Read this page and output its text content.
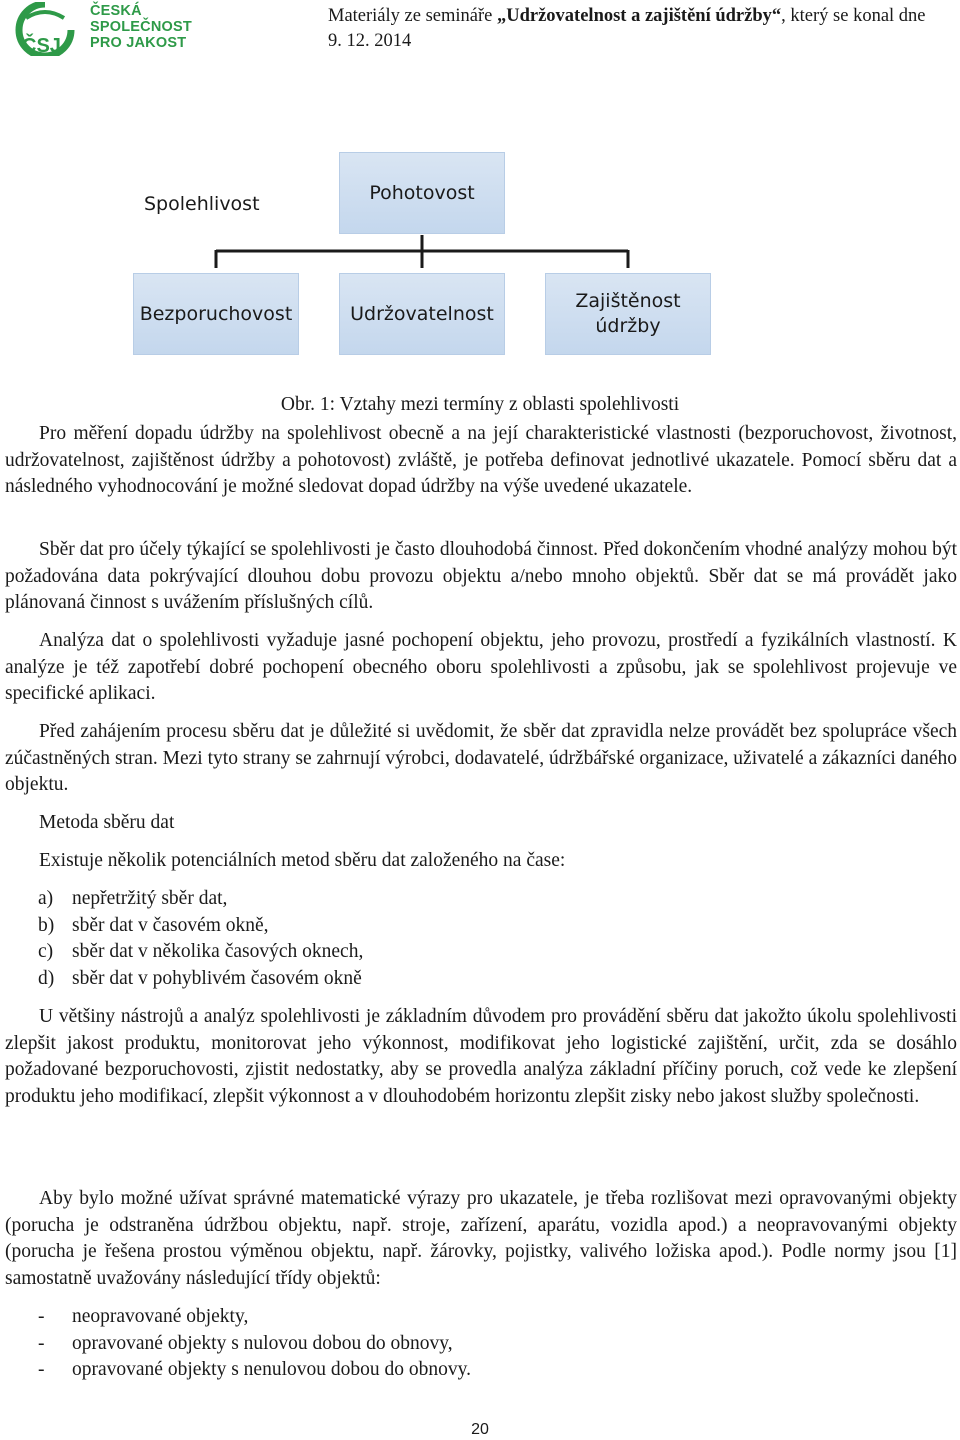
ČSJ
ČESKÁ
SPOLEČNOST
PRO JAKOST
Materiály ze semináře „Udržovatelnost a zajištění údržby“, který se konal dne 9. 12. 2014
Spolehlivost
Pohotovost
Bezporuchovost	Udržovatelnost
Zajištěnost údržby
Obr. 1: Vztahy mezi termíny z oblasti spolehlivosti
Pro měření dopadu údržby na spolehlivost obecně a na její charakteristické vlastnosti (bezporuchovost, životnost, udržovatelnost, zajištěnost údržby a pohotovost) zvláště, je potřeba definovat jednotlivé ukazatele. Pomocí sběru dat a následného vyhodnocování je možné sledovat dopad údržby na výše uvedené ukazatele.
Sběr dat pro účely týkající se spolehlivosti je často dlouhodobá činnost. Před dokončením vhodné analýzy mohou být požadována data pokrývající dlouhou dobu provozu objektu a/nebo mnoho objektů. Sběr dat se má provádět jako plánovaná činnost s uvážením příslušných cílů.
Analýza dat o spolehlivosti vyžaduje jasné pochopení objektu, jeho provozu, prostředí a fyzikálních vlastností. K analýze je též zapotřebí dobré pochopení obecného oboru spolehlivosti a způsobu, jak se spolehlivost projevuje ve specifické aplikaci.
Před zahájením procesu sběru dat je důležité si uvědomit, že sběr dat zpravidla nelze provádět bez spolupráce všech zúčastněných stran. Mezi tyto strany se zahrnují výrobci, dodavatelé, údržbářské organizace, uživatelé a zákazníci daného objektu.
Metoda sběru dat
Existuje několik potenciálních metod sběru dat založeného na čase:
a) nepřetržitý sběr dat,
b) sběr dat v časovém okně,
c) sběr dat v několika časových oknech,
d) sběr dat v pohyblivém časovém okně
U většiny nástrojů a analýz spolehlivosti je základním důvodem pro provádění sběru dat jakožto úkolu spolehlivosti zlepšit jakost produktu, monitorovat jeho výkonnost, modifikovat jeho logistické zajištění, určit, zda se dosáhlo požadované bezporuchovosti, zjistit nedostatky, aby se provedla analýza základní příčiny poruch, což vede ke zlepšení produktu jeho modifikací, zlepšit výkonnost a v dlouhodobém horizontu zlepšit zisky nebo jakost služby společnosti.
Aby bylo možné užívat správné matematické výrazy pro ukazatele, je třeba rozlišovat mezi opravovanými objekty (porucha je odstraněna údržbou objektu, např. stroje, zařízení, aparátu, vozidla apod.) a neopravovanými objekty (porucha je řešena prostou výměnou objektu, např. žárovky, pojistky, valivého ložiska apod.). Podle normy jsou [1] samostatně uvažovány následující třídy objektů:
- neopravované objekty,
- opravované objekty s nulovou dobou do obnovy,
- opravované objekty s nenulovou dobou do obnovy.
20
